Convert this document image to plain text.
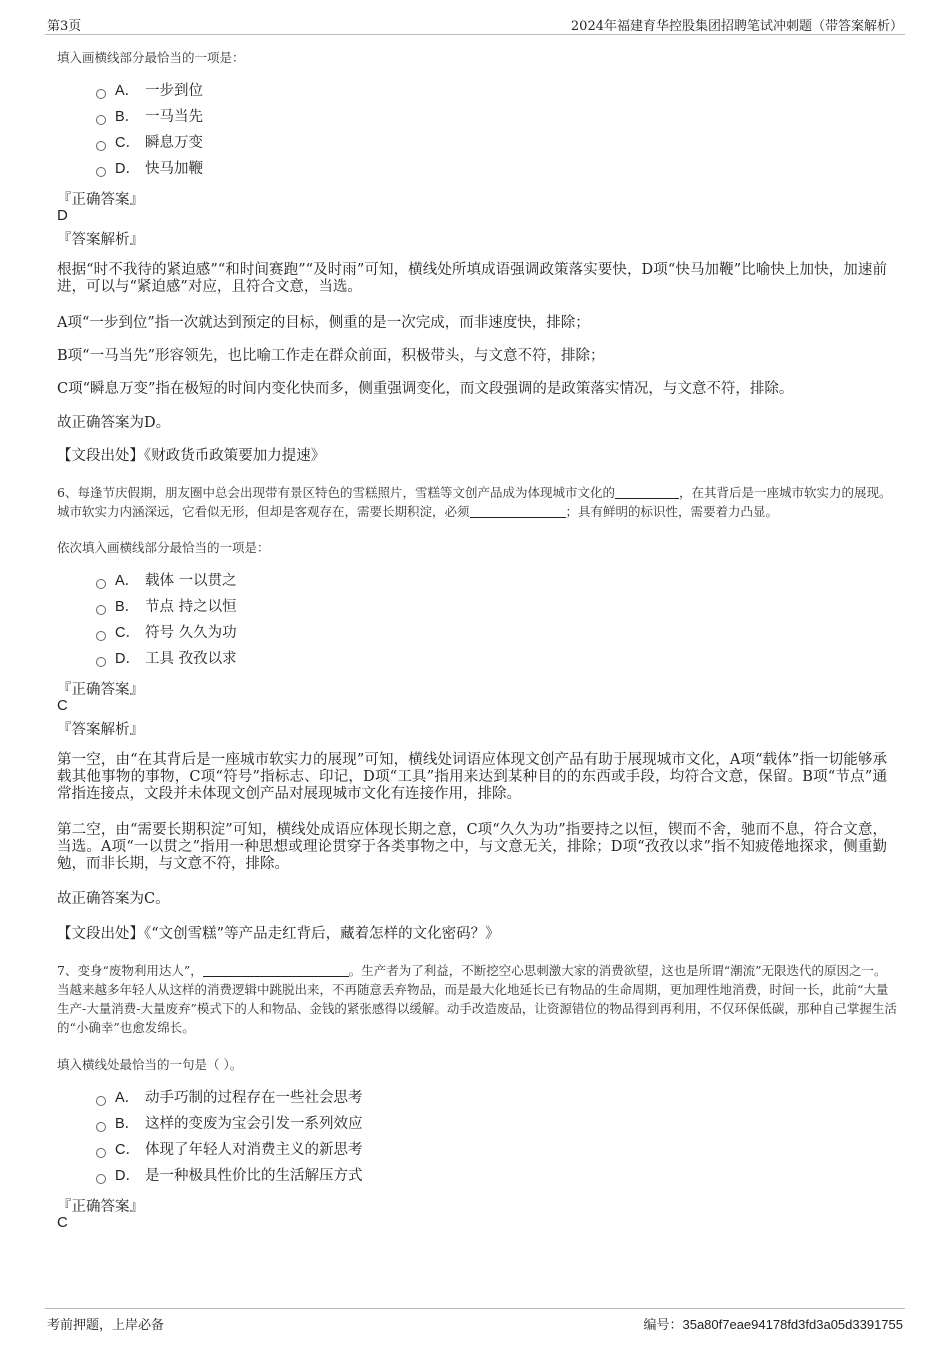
第3页	2024年福建育华控股集团招聘笔试冲刺题（带答案解析）
填入画横线部分最恰当的一项是：
A． 一步到位
B． 一马当先
C． 瞬息万变
D． 快马加鞭
『正确答案』
D
『答案解析』
根据“时不我待的紧迫感”“和时间赛跑”“及时雨”可知，横线处所填成语强调政策落实要快，D项“快马加鞭”比喻快上加快，加速前进，可以与“紧迫感”对应，且符合文意，当选。
A项“一步到位”指一次就达到预定的目标，侧重的是一次完成，而非速度快，排除；
B项“一马当先”形容领先，也比喻工作走在群众前面，积极带头，与文意不符，排除；
C项“瞬息万变”指在极短的时间内变化快而多，侧重强调变化，而文段强调的是政策落实情况，与文意不符，排除。
故正确答案为D。
【文段出处】《财政货币政策要加力提速》
6、每逢节庆假期，朋友圈中总会出现带有景区特色的雪糕照片，雪糕等文创产品成为体现城市文化的	，在其背后是一座城市软实力的展现。城市软实力内涵深远，它看似无形，但却是客观存在，需要长期积淀，必须	；具有鲜明的标识性，需要着力凸显。
依次填入画横线部分最恰当的一项是：
A． 载体 一以贯之
B． 节点 持之以恒
C． 符号 久久为功
D． 工具 孜孜以求
『正确答案』
C
『答案解析』
第一空，由“在其背后是一座城市软实力的展现”可知，横线处词语应体现文创产品有助于展现城市文化，A项“载体”指一切能够承载其他事物的事物，C项“符号”指标志、印记，D项“工具”指用来达到某种目的的东西或手段，均符合文意，保留。B项“节点”通常指连接点，文段并未体现文创产品对展现城市文化有连接作用，排除。
第二空，由“需要长期积淀”可知，横线处成语应体现长期之意，C项“久久为功”指要持之以恒，锲而不舍，驰而不息，符合文意，当选。A项“一以贯之”指用一种思想或理论贯穿于各类事物之中，与文意无关，排除；D项“孜孜以求”指不知疲倦地探求，侧重勤勉，而非长期，与文意不符，排除。
故正确答案为C。
【文段出处】《“文创雪糕”等产品走红背后，藏着怎样的文化密码？》
7、变身“废物利用达人”，	。生产者为了利益，不断挖空心思刺激大家的消费欲望，这也是所谓“潮流”无限迭代的原因之一。当越来越多年轻人从这样的消费逻辑中跳脱出来，不再随意丢弃物品，而是最大化地延长已有物品的生命周期，更加理性地消费，时间一长，此前“大量生产-大量消费-大量废弃”模式下的人和物品、金钱的紧张感得以缓解。动手改造废品，让资源错位的物品得到再利用，不仅环保低碳，那种自己掌握生活的“小确幸”也愈发绵长。
填入横线处最恰当的一句是（ ）。
A． 动手巧制的过程存在一些社会思考
B． 这样的变废为宝会引发一系列效应
C． 体现了年轻人对消费主义的新思考
D． 是一种极具性价比的生活解压方式
『正确答案』
C
考前押题，上岸必备	编号：35a80f7eae94178fd3fd3a05d3391755
